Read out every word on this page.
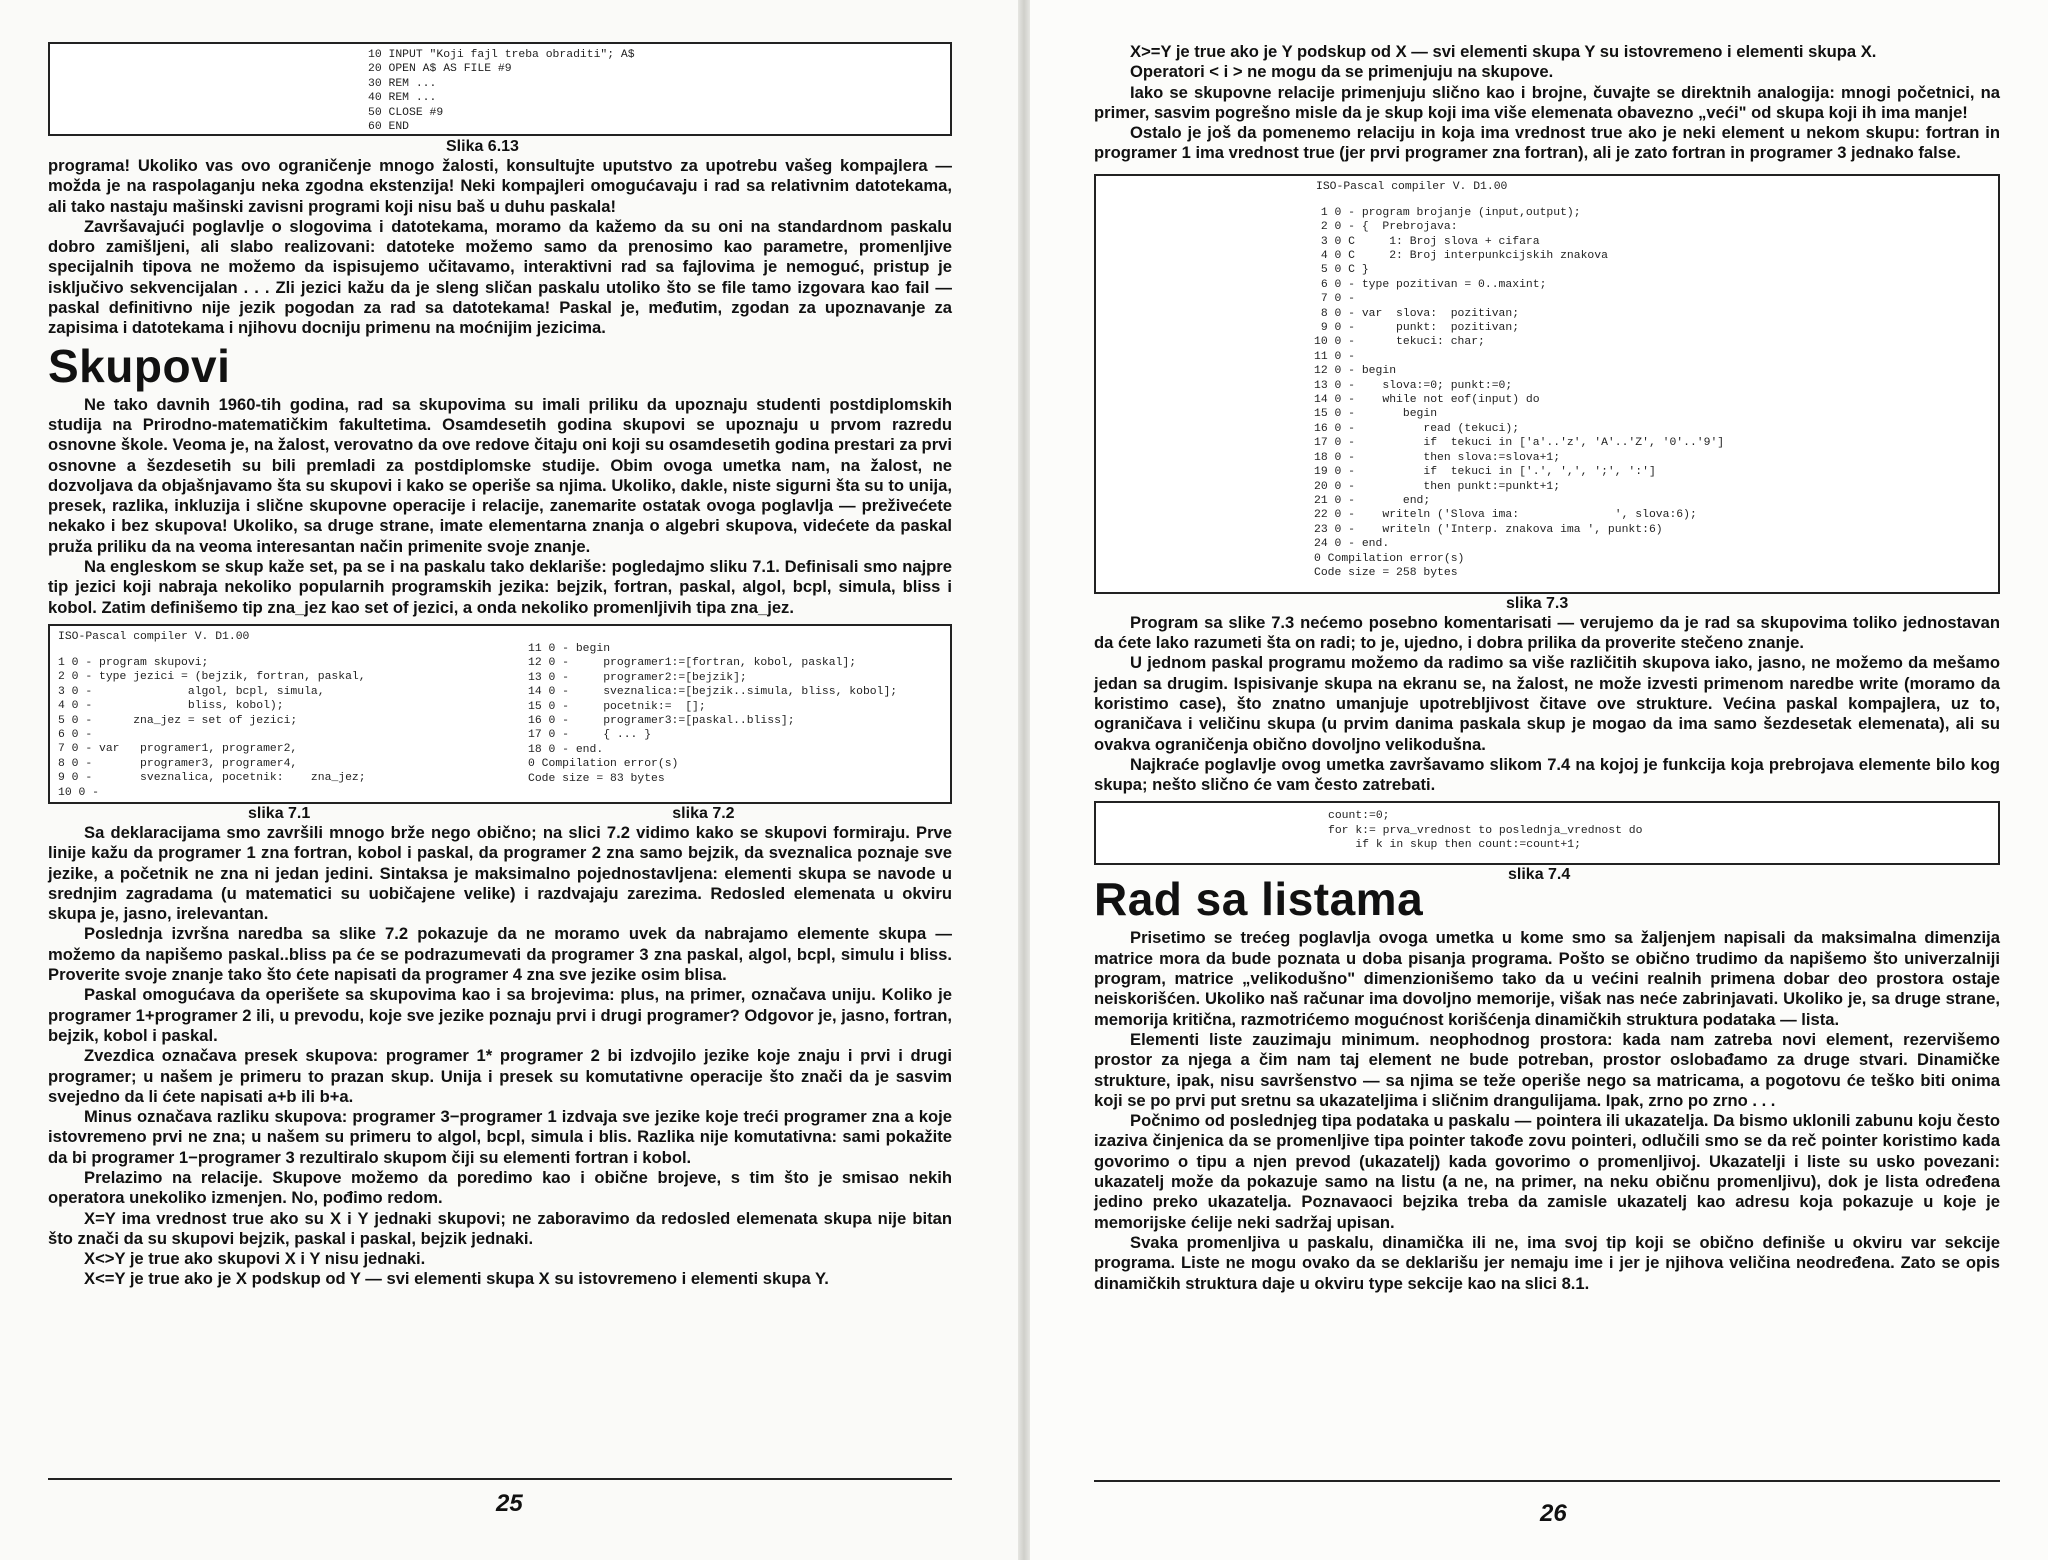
10 INPUT "Koji fajl treba obraditi"; A$
20 OPEN A$ AS FILE #9
30 REM ...
40 REM ...
50 CLOSE #9
60 END

Slika 6.13

programa! Ukoliko vas ovo ograničenje mnogo žalosti, konsultujte uputstvo za upotrebu vašeg kompajlera — možda je na raspolaganju neka zgodna ekstenzija! Neki kompajleri omogućavaju i rad sa relativnim datotekama, ali tako nastaju mašinski zavisni programi koji nisu baš u duhu paskala!

Završavajući poglavlje o slogovima i datotekama, moramo da kažemo da su oni na standardnom paskalu dobro zamišljeni, ali slabo realizovani: datoteke možemo samo da prenosimo kao parametre, promenljive specijalnih tipova ne možemo da ispisujemo učitavamo, interaktivni rad sa fajlovima je nemoguć, pristup je isključivo sekvencijalan . . . Zli jezici kažu da je sleng sličan paskalu utoliko što se file tamo izgovara kao fail — paskal definitivno nije jezik pogodan za rad sa datotekama! Paskal je, međutim, zgodan za upoznavanje za zapisima i datotekama i njihovu docniju primenu na moćnijim jezicima.

Skupovi

Ne tako davnih 1960-tih godina, rad sa skupovima su imali priliku da upoznaju studenti postdiplomskih studija na Prirodno-matematičkim fakultetima. Osamdesetih godina skupovi se upoznaju u prvom razredu osnovne škole. Veoma je, na žalost, verovatno da ove redove čitaju oni koji su osamdesetih godina prestari za prvi osnovne a šezdesetih su bili premladi za postdiplomske studije. Obim ovoga umetka nam, na žalost, ne dozvoljava da objašnjavamo šta su skupovi i kako se operiše sa njima. Ukoliko, dakle, niste sigurni šta su to unija, presek, razlika, inkluzija i slične skupovne operacije i relacije, zanemarite ostatak ovoga poglavlja — preživećete nekako i bez skupova! Ukoliko, sa druge strane, imate elementarna znanja o algebri skupova, videćete da paskal pruža priliku da na veoma interesantan način primenite svoje znanje.

Na engleskom se skup kaže set, pa se i na paskalu tako deklariše: pogledajmo sliku 7.1. Definisali smo najpre tip jezici koji nabraja nekoliko popularnih programskih jezika: bejzik, fortran, paskal, algol, bcpl, simula, bliss i kobol. Zatim definišemo tip zna_jez kao set of jezici, a onda nekoliko promenljivih tipa zna_jez.

ISO-Pascal compiler V. D1.00
1 0 - program skupovi;
2 0 - type jezici = (bejzik, fortran, paskal,
3 0 -              algol, bcpl, simula,
4 0 -              bliss, kobol);
5 0 -      zna_jez = set of jezici;
6 0 -
7 0 - var   programer1, programer2,
8 0 -       programer3, programer4,
9 0 -       sveznalica, pocetnik:    zna_jez;
10 0 -

11 0 - begin
12 0 -     programer1:=[fortran, kobol, paskal];
13 0 -     programer2:=[bejzik];
14 0 -     sveznalica:=[bejzik..simula, bliss, kobol];
15 0 -     pocetnik:=  [];
16 0 -     programer3:=[paskal..bliss];
17 0 -     { ... }
18 0 - end.
0 Compilation error(s)
Code size = 83 bytes

slika 7.1	slika 7.2

Sa deklaracijama smo završili mnogo brže nego obično; na slici 7.2 vidimo kako se skupovi formiraju. Prve linije kažu da programer 1 zna fortran, kobol i paskal, da programer 2 zna samo bejzik, da sveznalica poznaje sve jezike, a početnik ne zna ni jedan jedini. Sintaksa je maksimalno pojednostavljena: elementi skupa se navode u srednjim zagradama (u matematici su uobičajene velike) i razdvajaju zarezima. Redosled elemenata u okviru skupa je, jasno, irelevantan.

Poslednja izvršna naredba sa slike 7.2 pokazuje da ne moramo uvek da nabrajamo elemente skupa — možemo da napišemo paskal..bliss pa će se podrazumevati da programer 3 zna paskal, algol, bcpl, simulu i bliss. Proverite svoje znanje tako što ćete napisati da programer 4 zna sve jezike osim blisa.

Paskal omogućava da operišete sa skupovima kao i sa brojevima: plus, na primer, označava uniju. Koliko je programer 1+programer 2 ili, u prevodu, koje sve jezike poznaju prvi i drugi programer? Odgovor je, jasno, fortran, bejzik, kobol i paskal.

Zvezdica označava presek skupova: programer 1* programer 2 bi izdvojilo jezike koje znaju i prvi i drugi programer; u našem je primeru to prazan skup. Unija i presek su komutativne operacije što znači da je sasvim svejedno da li ćete napisati a+b ili b+a.

Minus označava razliku skupova: programer 3−programer 1 izdvaja sve jezike koje treći programer zna a koje istovremeno prvi ne zna; u našem su primeru to algol, bcpl, simula i blis. Razlika nije komutativna: sami pokažite da bi programer 1−programer 3 rezultiralo skupom čiji su elementi fortran i kobol.

Prelazimo na relacije. Skupove možemo da poredimo kao i obične brojeve, s tim što je smisao nekih operatora unekoliko izmenjen. No, pođimo redom.

X=Y ima vrednost true ako su X i Y jednaki skupovi; ne zaboravimo da redosled elemenata skupa nije bitan što znači da su skupovi bejzik, paskal i paskal, bejzik jednaki.

X<>Y je true ako skupovi X i Y nisu jednaki.

X<=Y je true ako je X podskup od Y — svi elementi skupa X su istovremeno i elementi skupa Y.

25

X>=Y je true ako je Y podskup od X — svi elementi skupa Y su istovremeno i elementi skupa X.

Operatori < i > ne mogu da se primenjuju na skupove.

Iako se skupovne relacije primenjuju slično kao i brojne, čuvajte se direktnih analogija: mnogi početnici, na primer, sasvim pogrešno misle da je skup koji ima više elemenata obavezno „veći" od skupa koji ih ima manje!

Ostalo je još da pomenemo relaciju in koja ima vrednost true ako je neki element u nekom skupu: fortran in programer 1 ima vrednost true (jer prvi programer zna fortran), ali je zato fortran in programer 3 jednako false.

ISO-Pascal compiler V. D1.00
1 0 - program brojanje (input,output);
2 0 - {  Prebrojava:
3 0 C     1: Broj slova + cifara
4 0 C     2: Broj interpunkcijskih znakova
5 0 C }
6 0 - type pozitivan = 0..maxint;
7 0 -
8 0 - var  slova:  pozitivan;
9 0 -      punkt:  pozitivan;
10 0 -      tekuci: char;
11 0 -
12 0 - begin
13 0 -    slova:=0; punkt:=0;
14 0 -    while not eof(input) do
15 0 -       begin
16 0 -          read (tekuci);
17 0 -          if  tekuci in ['a'..'z', 'A'..'Z', '0'..'9']
18 0 -          then slova:=slova+1;
19 0 -          if  tekuci in ['.', ',', ';', ':']
20 0 -          then punkt:=punkt+1;
21 0 -       end;
22 0 -    writeln ('Slova ima:              ', slova:6);
23 0 -    writeln ('Interp. znakova ima ', punkt:6)
24 0 - end.
0 Compilation error(s)
Code size = 258 bytes

slika 7.3

Program sa slike 7.3 nećemo posebno komentarisati — verujemo da je rad sa skupovima toliko jednostavan da ćete lako razumeti šta on radi; to je, ujedno, i dobra prilika da proverite stečeno znanje.

U jednom paskal programu možemo da radimo sa više različitih skupova iako, jasno, ne možemo da mešamo jedan sa drugim. Ispisivanje skupa na ekranu se, na žalost, ne može izvesti primenom naredbe write (moramo da koristimo case), što znatno umanjuje upotrebljivost čitave ove strukture. Većina paskal kompajlera, uz to, ograničava i veličinu skupa (u prvim danima paskala skup je mogao da ima samo šezdesetak elemenata), ali su ovakva ograničenja obično dovoljno velikodušna.

Najkraće poglavlje ovog umetka završavamo slikom 7.4 na kojoj je funkcija koja prebrojava elemente bilo kog skupa; nešto slično će vam često zatrebati.

count:=0;
for k:= prva_vrednost to poslednja_vrednost do
if k in skup then count:=count+1;

slika 7.4
Rad sa listama

Prisetimo se trećeg poglavlja ovoga umetka u kome smo sa žaljenjem napisali da maksimalna dimenzija matrice mora da bude poznata u doba pisanja programa. Pošto se obično trudimo da napišemo što univerzalniji program, matrice „velikodušno" dimenzionišemo tako da u većini realnih primena dobar deo prostora ostaje neiskorišćen. Ukoliko naš računar ima dovoljno memorije, višak nas neće zabrinjavati. Ukoliko je, sa druge strane, memorija kritična, razmotrićemo mogućnost korišćenja dinamičkih struktura podataka — lista.

Elementi liste zauzimaju minimum. neophodnog prostora: kada nam zatreba novi element, rezervišemo prostor za njega a čim nam taj element ne bude potreban, prostor oslobađamo za druge stvari. Dinamičke strukture, ipak, nisu savršenstvo — sa njima se teže operiše nego sa matricama, a pogotovu će teško biti onima koji se po prvi put sretnu sa ukazateljima i sličnim drangulijama. Ipak, zrno po zrno . . .

Počnimo od poslednjeg tipa podataka u paskalu — pointera ili ukazatelja. Da bismo uklonili zabunu koju često izaziva činjenica da se promenljive tipa pointer takođe zovu pointeri, odlučili smo se da reč pointer koristimo kada govorimo o tipu a njen prevod (ukazatelj) kada govorimo o promenljivoj. Ukazatelji i liste su usko povezani: ukazatelj može da pokazuje samo na listu (a ne, na primer, na neku običnu promenljivu), dok je lista određena jedino preko ukazatelja. Poznavaoci bejzika treba da zamisle ukazatelj kao adresu koja pokazuje u koje je memorijske ćelije neki sadržaj upisan.

Svaka promenljiva u paskalu, dinamička ili ne, ima svoj tip koji se obično definiše u okviru var sekcije programa. Liste ne mogu ovako da se deklarišu jer nemaju ime i jer je njihova veličina neodređena. Zato se opis dinamičkih struktura daje u okviru type sekcije kao na slici 8.1.

26
